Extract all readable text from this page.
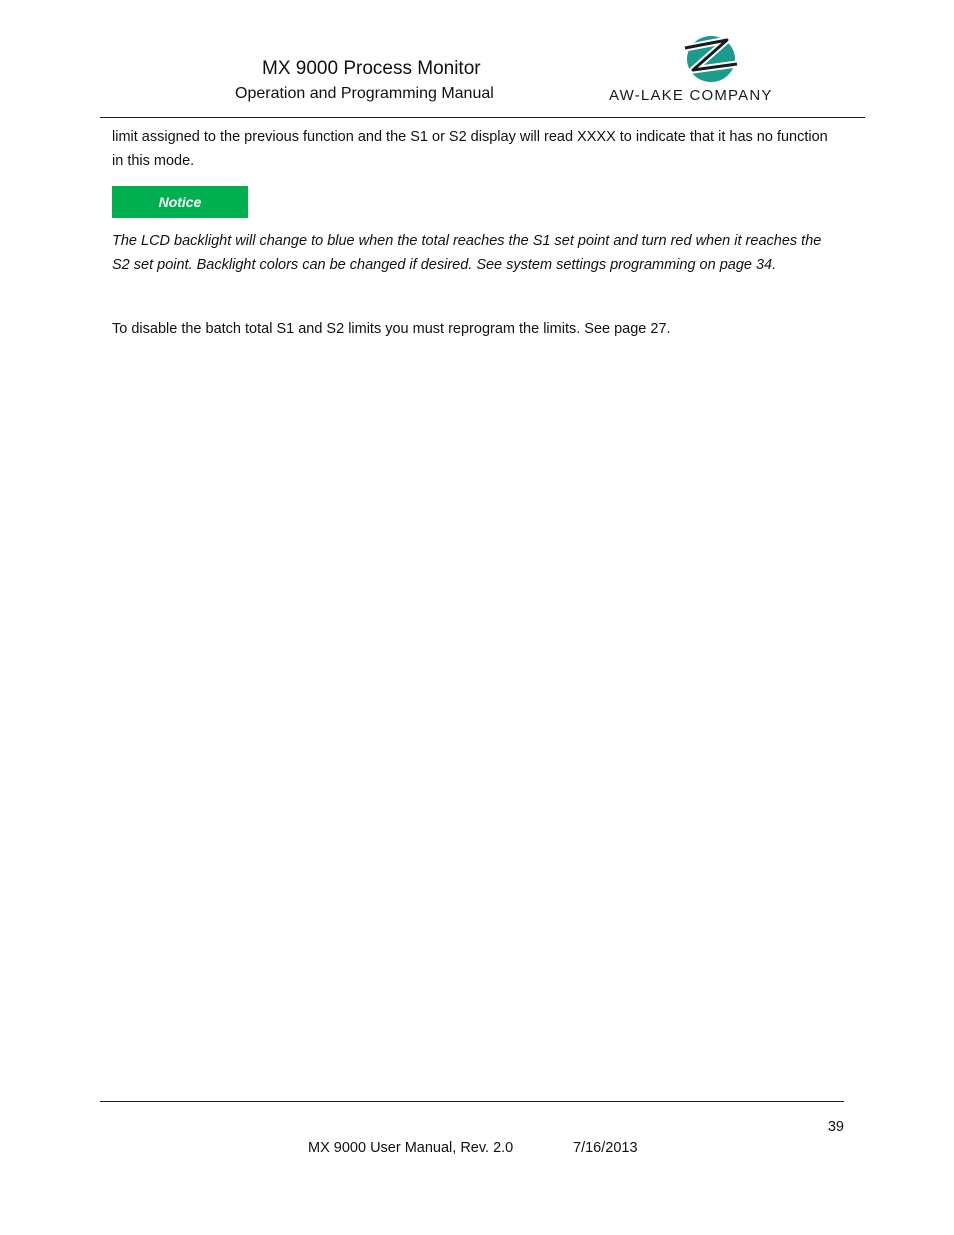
MX 9000 Process Monitor
Operation and Programming Manual	AW-LAKE COMPANY
limit assigned to the previous function and the S1 or S2 display will read XXXX to indicate that it has no function in this mode.
Notice
The LCD backlight will change to blue when the total reaches the S1 set point and turn red when it reaches the S2 set point. Backlight colors can be changed if desired. See system settings programming on page 34.
To disable the batch total S1 and S2 limits you must reprogram the limits. See page 27.
39
MX 9000 User Manual, Rev. 2.0	7/16/2013
